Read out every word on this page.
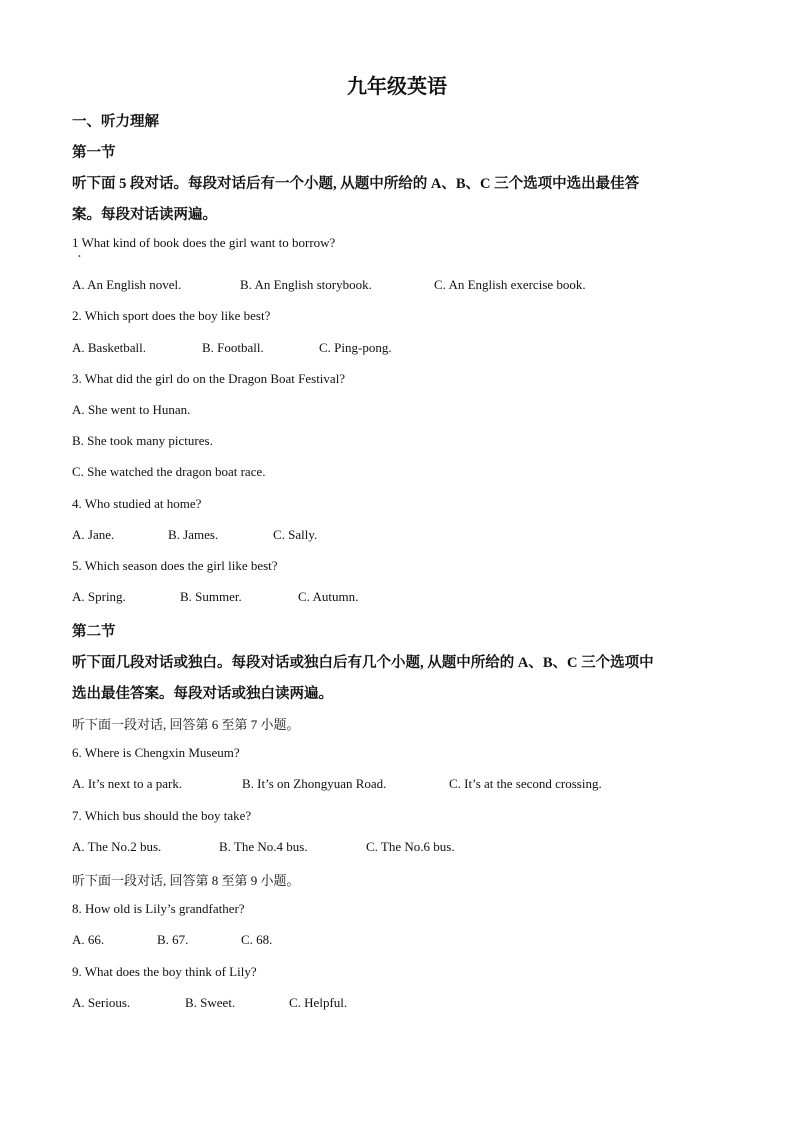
九年级英语
一、听力理解
第一节
听下面 5 段对话。每段对话后有一个小题, 从题中所给的 A、B、C 三个选项中选出最佳答
案。每段对话读两遍。
1 What kind of book does the girl want to borrow?
•
A. An English novel.	B. An English storybook.	C. An English exercise book.
2. Which sport does the boy like best?
A. Basketball.	B. Football.	C. Ping-pong.
3. What did the girl do on the Dragon Boat Festival?
A. She went to Hunan.
B. She took many pictures.
C. She watched the dragon boat race.
4. Who studied at home?
A. Jane.	B. James.	C. Sally.
5. Which season does the girl like best?
A. Spring.	B. Summer.	C. Autumn.
第二节
听下面几段对话或独白。每段对话或独白后有几个小题, 从题中所给的 A、B、C 三个选项中
选出最佳答案。每段对话或独白读两遍。
听下面一段对话, 回答第 6 至第 7 小题。
6. Where is Chengxin Museum?
A. It’s next to a park.	B. It’s on Zhongyuan Road.	C. It’s at the second crossing.
7. Which bus should the boy take?
A. The No.2 bus.	B. The No.4 bus.	C. The No.6 bus.
听下面一段对话, 回答第 8 至第 9 小题。
8. How old is Lily’s grandfather?
A. 66.	B. 67.	C. 68.
9. What does the boy think of Lily?
A. Serious.	B. Sweet.	C. Helpful.
